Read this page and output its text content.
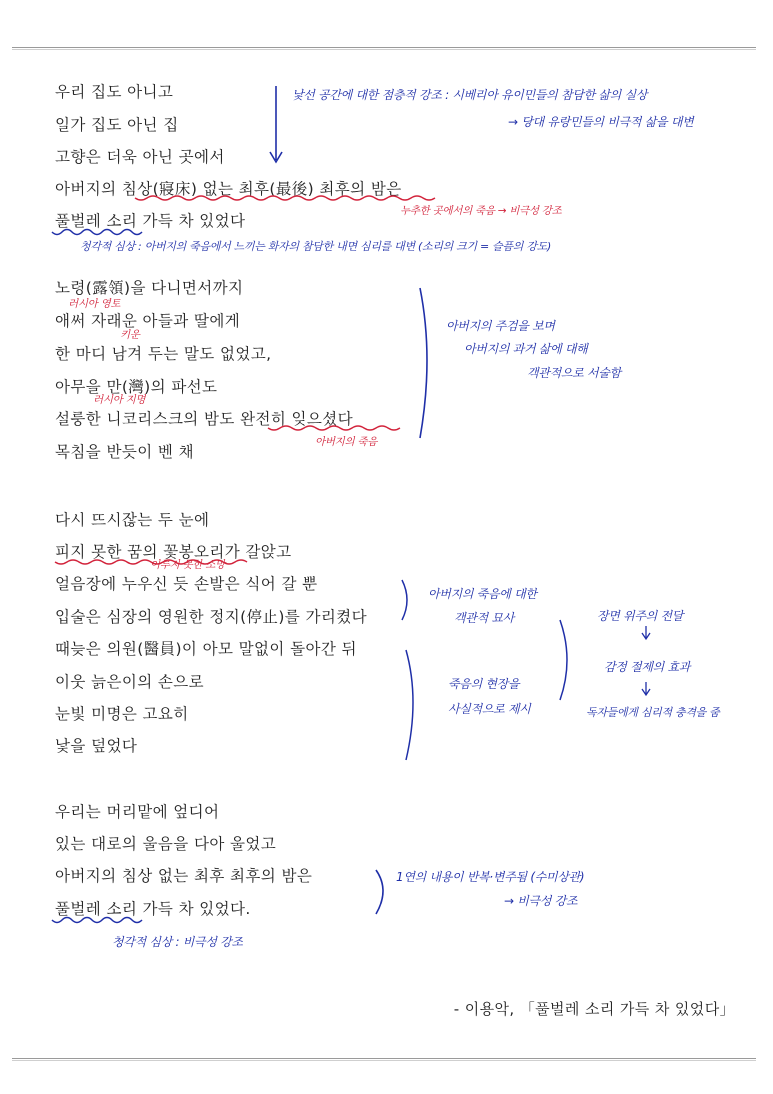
우리 집도 아니고
일가 집도 아닌 집
고향은 더욱 아닌 곳에서
아버지의 침상(寢床) 없는 최후(最後) 최후의 밤은
풀벌레 소리 가득 차 있었다
노령(露領)을 다니면서까지
애써 자래운 아들과 딸에게
한 마디 남겨 두는 말도 없었고,
아무을 만(灣)의 파선도
설룽한 니코리스크의 밤도 완전히 잊으셨다
목침을 반듯이 벤 채
다시 뜨시잖는 두 눈에
피지 못한 꿈의 꽃봉오리가 갈앉고
얼음장에 누우신 듯 손발은 식어 갈 뿐
입술은 심장의 영원한 정지(停止)를 가리켰다
때늦은 의원(醫員)이 아모 말없이 돌아간 뒤
이웃 늙은이의 손으로
눈빛 미명은 고요히
낯을 덮었다
우리는 머리맡에 엎디어
있는 대로의 울음을 다아 울었고
아버지의 침상 없는 최후 최후의 밤은
풀벌레 소리 가득 차 있었다.
낯선 공간에 대한 점층적 강조 : 시베리아 유이민들의 참담한 삶의 실상
→ 당대 유랑민들의 비극적 삶을 대변
누추한 곳에서의 죽음 → 비극성 강조
청각적 심상 : 아버지의 죽음에서 느끼는 화자의 참담한 내면 심리를 대변 (소리의 크기 = 슬픔의 강도)
러시아 영토
키운
러시아 지명
아버지의 죽음
아버지의 주검을 보며
아버지의 과거 삶에 대해
객관적으로 서술함
이루지 못한 소망
아버지의 죽음에 대한
객관적 묘사
죽음의 현장을
사실적으로 제시
장면 위주의 전달
감정 절제의 효과
독자들에게 심리적 충격을 줌
1연의 내용이 반복·변주됨 (수미상관)
→ 비극성 강조
청각적 심상 : 비극성 강조
- 이용악, 「풀벌레 소리 가득 차 있었다」
